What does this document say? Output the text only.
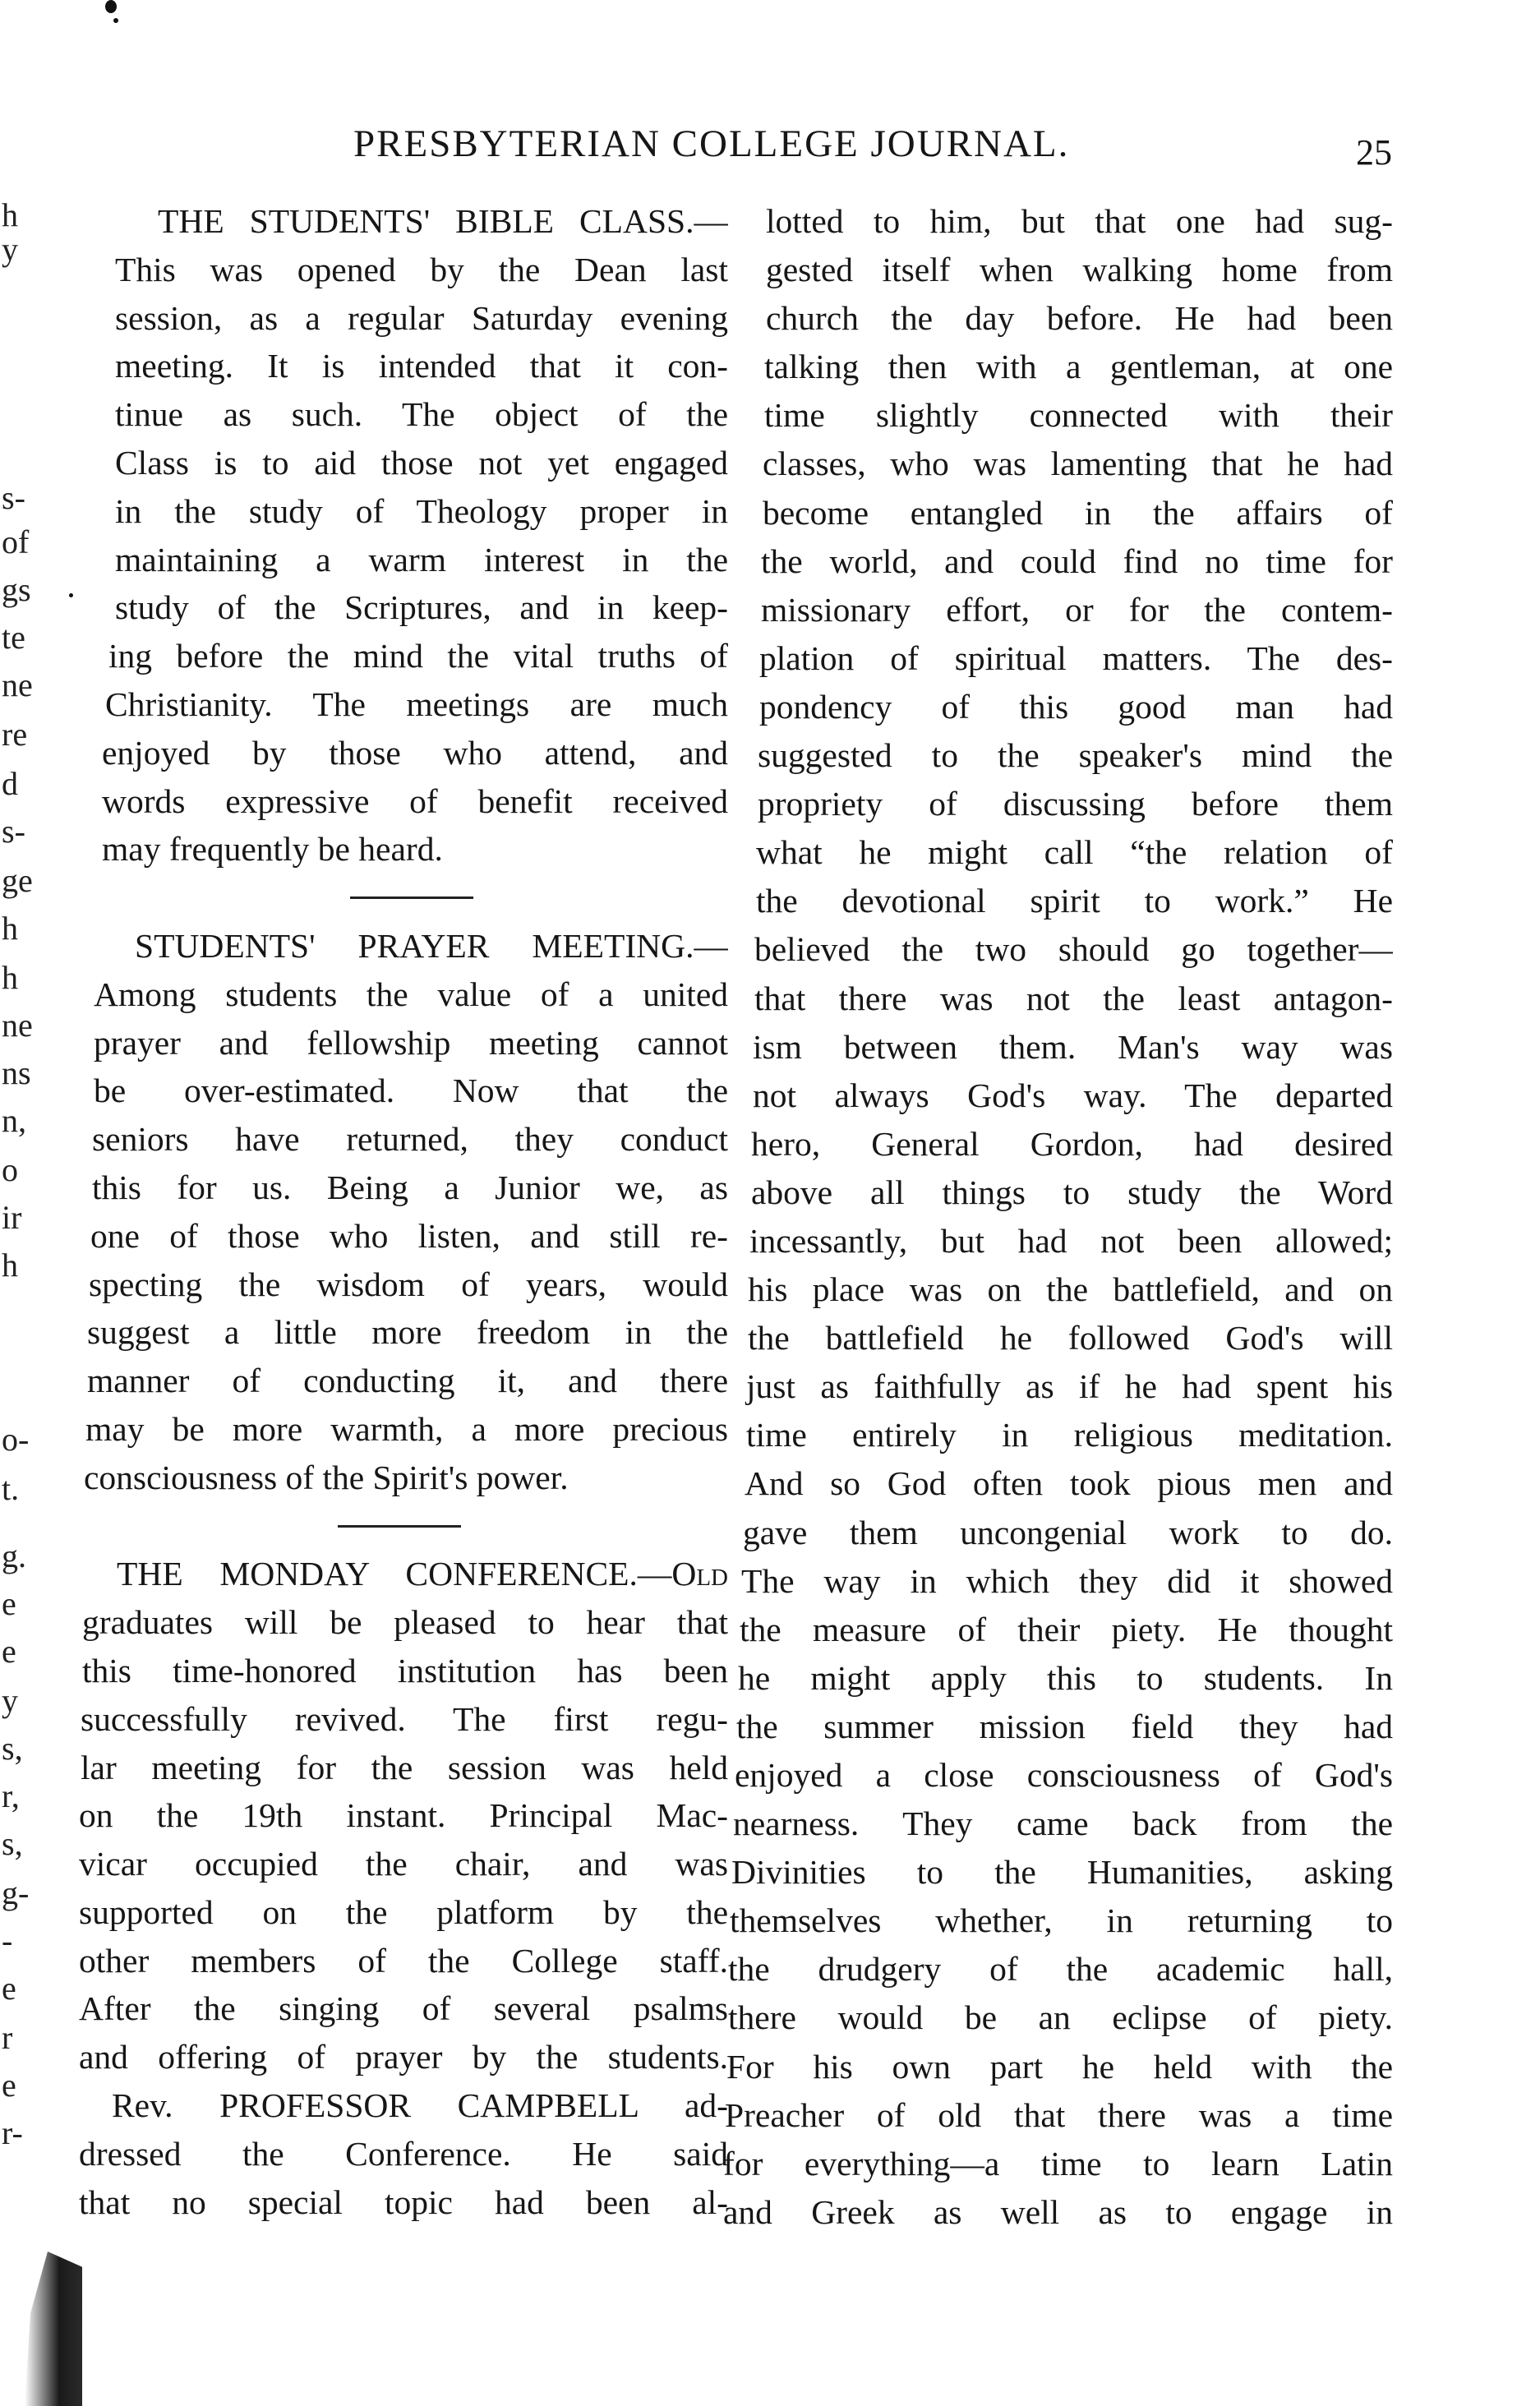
PRESBYTERIAN COLLEGE JOURNAL.	25
h
y
s-
of
gs
te
ne
re
d
s-
ge
h
h
ne
ns
n,
o
ir
h
o-
t.
g.
e
e
y
s,
r,
s,
g-
-
e
r
e
r-
THE STUDENTS' BIBLE CLASS.—
This was opened by the Dean last
session, as a regular Saturday evening
meeting. It is intended that it con-
tinue as such. The object of the
Class is to aid those not yet engaged
in the study of Theology proper in
maintaining a warm interest in the
study of the Scriptures, and in keep-
ing before the mind the vital truths of
Christianity. The meetings are much
enjoyed by those who attend, and
words expressive of benefit received
may frequently be heard.
STUDENTS' PRAYER MEETING.—
Among students the value of a united
prayer and fellowship meeting cannot
be over-estimated. Now that the
seniors have returned, they conduct
this for us. Being a Junior we, as
one of those who listen, and still re-
specting the wisdom of years, would
suggest a little more freedom in the
manner of conducting it, and there
may be more warmth, a more precious
consciousness of the Spirit's power.
THE MONDAY CONFERENCE.—Old
graduates will be pleased to hear that
this time-honored institution has been
successfully revived. The first regu-
lar meeting for the session was held
on the 19th instant. Principal Mac-
vicar occupied the chair, and was
supported on the platform by the
other members of the College staff.
After the singing of several psalms
and offering of prayer by the students.
Rev. PROFESSOR CAMPBELL ad-
dressed the Conference. He said
that no special topic had been al-
lotted to him, but that one had sug-
gested itself when walking home from
church the day before. He had been
talking then with a gentleman, at one
time slightly connected with their
classes, who was lamenting that he had
become entangled in the affairs of
the world, and could find no time for
missionary effort, or for the contem-
plation of spiritual matters. The des-
pondency of this good man had
suggested to the speaker's mind the
propriety of discussing before them
what he might call “the relation of
the devotional spirit to work.” He
believed the two should go together—
that there was not the least antagon-
ism between them. Man's way was
not always God's way. The departed
hero, General Gordon, had desired
above all things to study the Word
incessantly, but had not been allowed;
his place was on the battlefield, and on
the battlefield he followed God's will
just as faithfully as if he had spent his
time entirely in religious meditation.
And so God often took pious men and
gave them uncongenial work to do.
The way in which they did it showed
the measure of their piety. He thought
he might apply this to students. In
the summer mission field they had
enjoyed a close consciousness of God's
nearness. They came back from the
Divinities to the Humanities, asking
themselves whether, in returning to
the drudgery of the academic hall,
there would be an eclipse of piety.
For his own part he held with the
Preacher of old that there was a time
for everything—a time to learn Latin
and Greek as well as to engage in
